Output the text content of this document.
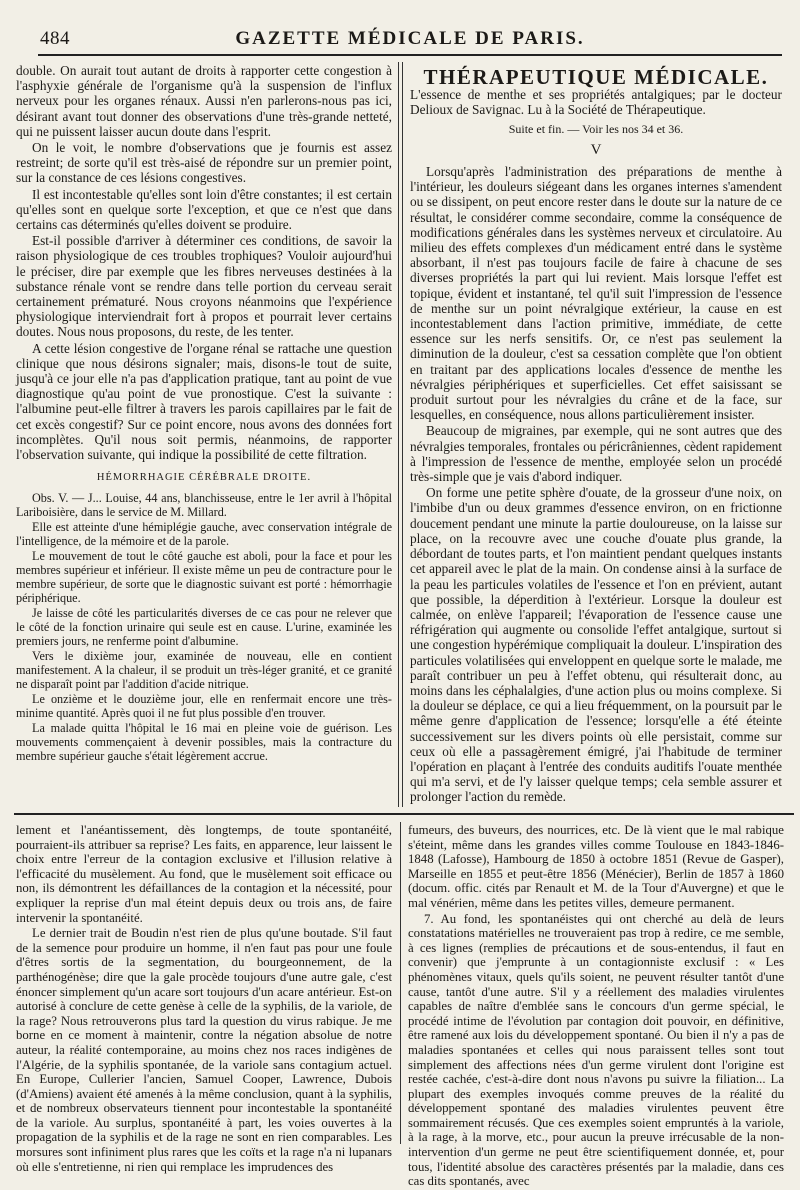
484	GAZETTE MÉDICALE DE PARIS.

double. On aurait tout autant de droits à rapporter cette congestion à l'asphyxie générale de l'organisme qu'à la suspension de l'influx nerveux pour les organes rénaux. Aussi n'en parlerons-nous pas ici, désirant avant tout donner des observations d'une très-grande netteté, qui ne puissent laisser aucun doute dans l'esprit.

On le voit, le nombre d'observations que je fournis est assez restreint; de sorte qu'il est très-aisé de répondre sur un premier point, sur la constance de ces lésions congestives.

Il est incontestable qu'elles sont loin d'être constantes; il est certain qu'elles sont en quelque sorte l'exception, et que ce n'est que dans certains cas déterminés qu'elles doivent se produire.

Est-il possible d'arriver à déterminer ces conditions, de savoir la raison physiologique de ces troubles trophiques? Vouloir aujourd'hui le préciser, dire par exemple que les fibres nerveuses destinées à la substance rénale vont se rendre dans telle portion du cerveau serait certainement prématuré. Nous croyons néanmoins que l'expérience physiologique interviendrait fort à propos et pourrait lever certains doutes. Nous nous proposons, du reste, de les tenter.

A cette lésion congestive de l'organe rénal se rattache une question clinique que nous désirons signaler; mais, disons-le tout de suite, jusqu'à ce jour elle n'a pas d'application pratique, tant au point de vue diagnostique qu'au point de vue pronostique. C'est la suivante : l'albumine peut-elle filtrer à travers les parois capillaires par le fait de cet excès congestif? Sur ce point encore, nous avons des données fort incomplètes. Qu'il nous soit permis, néanmoins, de rapporter l'observation suivante, qui indique la possibilité de cette filtration.

HÉMORRHAGIE CÉRÉBRALE DROITE.

Obs. V. — J... Louise, 44 ans, blanchisseuse, entre le 1er avril à l'hôpital Lariboisière, dans le service de M. Millard.

Elle est atteinte d'une hémiplégie gauche, avec conservation intégrale de l'intelligence, de la mémoire et de la parole.

Le mouvement de tout le côté gauche est aboli, pour la face et pour les membres supérieur et inférieur. Il existe même un peu de contracture pour le membre supérieur, de sorte que le diagnostic suivant est porté : hémorrhagie périphérique.

Je laisse de côté les particularités diverses de ce cas pour ne relever que le côté de la fonction urinaire qui seule est en cause. L'urine, examinée les premiers jours, ne renferme point d'albumine.

Vers le dixième jour, examinée de nouveau, elle en contient manifestement. A la chaleur, il se produit un très-léger granité, et ce granité ne disparaît point par l'addition d'acide nitrique.

Le onzième et le douzième jour, elle en renfermait encore une très-minime quantité. Après quoi il ne fut plus possible d'en trouver.

La malade quitta l'hôpital le 16 mai en pleine voie de guérison. Les mouvements commençaient à devenir possibles, mais la contracture du membre supérieur gauche s'était légèrement accrue.

THÉRAPEUTIQUE MÉDICALE.
L'essence de menthe et ses propriétés antalgiques; par le docteur Delioux de Savignac. Lu à la Société de Thérapeutique.
Suite et fin. — Voir les nos 34 et 36.
V

Lorsqu'après l'administration des préparations de menthe à l'intérieur, les douleurs siégeant dans les organes internes s'amendent ou se dissipent, on peut encore rester dans le doute sur la nature de ce résultat, le considérer comme secondaire, comme la conséquence de modifications générales dans les systèmes nerveux et circulatoire. Au milieu des effets complexes d'un médicament entré dans le système absorbant, il n'est pas toujours facile de faire à chacune de ses diverses propriétés la part qui lui revient. Mais lorsque l'effet est topique, évident et instantané, tel qu'il suit l'impression de l'essence de menthe sur un point névralgique extérieur, la cause en est incontestablement dans l'action primitive, immédiate, de cette essence sur les nerfs sensitifs. Or, ce n'est pas seulement la diminution de la douleur, c'est sa cessation complète que l'on obtient en traitant par des applications locales d'essence de menthe les névralgies périphériques et superficielles. Cet effet saisissant se produit surtout pour les névralgies du crâne et de la face, sur lesquelles, en conséquence, nous allons particulièrement insister.

Beaucoup de migraines, par exemple, qui ne sont autres que des névralgies temporales, frontales ou péricrâniennes, cèdent rapidement à l'impression de l'essence de menthe, employée selon un procédé très-simple que je vais d'abord indiquer.

On forme une petite sphère d'ouate, de la grosseur d'une noix, on l'imbibe d'un ou deux grammes d'essence environ, on en frictionne doucement pendant une minute la partie douloureuse, on la laisse sur place, on la recouvre avec une couche d'ouate plus grande, la débordant de toutes parts, et l'on maintient pendant quelques instants cet appareil avec le plat de la main. On condense ainsi à la surface de la peau les particules volatiles de l'essence et l'on en prévient, autant que possible, la déperdition à l'extérieur. Lorsque la douleur est calmée, on enlève l'appareil; l'évaporation de l'essence cause une réfrigération qui augmente ou consolide l'effet antalgique, surtout si une congestion hypérémique compliquait la douleur. L'inspiration des particules volatilisées qui enveloppent en quelque sorte le malade, me paraît contribuer un peu à l'effet obtenu, qui résulterait donc, au moins dans les céphalalgies, d'une action plus ou moins complexe. Si la douleur se déplace, ce qui a lieu fréquemment, on la poursuit par le même genre d'application de l'essence; lorsqu'elle a été éteinte successivement sur les divers points où elle persistait, comme sur ceux où elle a passagèrement émigré, j'ai l'habitude de terminer l'opération en plaçant à l'entrée des conduits auditifs l'ouate menthée qui m'a servi, et de l'y laisser quelque temps; cela semble assurer et prolonger l'action du remède.

lement et l'anéantissement, dès longtemps, de toute spontanéité, pourraient-ils attribuer sa reprise? Les faits, en apparence, leur laissent le choix entre l'erreur de la contagion exclusive et l'illusion relative à l'efficacité du musèlement. Au fond, que le musèlement soit efficace ou non, ils démontrent les défaillances de la contagion et la nécessité, pour expliquer la reprise d'un mal éteint depuis deux ou trois ans, de faire intervenir la spontanéité.

Le dernier trait de Boudin n'est rien de plus qu'une boutade. S'il faut de la semence pour produire un homme, il n'en faut pas pour une foule d'êtres sortis de la segmentation, du bourgeonnement, de la parthénogénèse; dire que la gale procède toujours d'une autre gale, c'est énoncer simplement qu'un acare sort toujours d'un acare antérieur. Est-on autorisé à conclure de cette genèse à celle de la syphilis, de la variole, de la rage? Nous retrouverons plus tard la question du virus rabique. Je me borne en ce moment à maintenir, contre la négation absolue de notre auteur, la réalité contemporaine, au moins chez nos races indigènes de l'Algérie, de la syphilis spontanée, de la variole sans contagium actuel. En Europe, Cullerier l'ancien, Samuel Cooper, Lawrence, Dubois (d'Amiens) avaient été amenés à la même conclusion, quant à la syphilis, et de nombreux observateurs tiennent pour incontestable la spontanéité de la variole. Au surplus, spontanéité à part, les voies ouvertes à la propagation de la syphilis et de la rage ne sont en rien comparables. Les morsures sont infiniment plus rares que les coïts et la rage n'a ni lupanars où elle s'entretienne, ni rien qui remplace les imprudences des

fumeurs, des buveurs, des nourrices, etc. De là vient que le mal rabique s'éteint, même dans les grandes villes comme Toulouse en 1843-1846-1848 (Lafosse), Hambourg de 1850 à octobre 1851 (Revue de Gasper), Marseille en 1855 et peut-être 1856 (Ménécier), Berlin de 1857 à 1860 (docum. offic. cités par Renault et M. de la Tour d'Auvergne) et que le mal vénérien, même dans les petites villes, demeure permanent.

7. Au fond, les spontanéistes qui ont cherché au delà de leurs constatations matérielles ne trouveraient pas trop à redire, ce me semble, à ces lignes (remplies de précautions et de sous-entendus, il faut en convenir) que j'emprunte à un contagionniste exclusif : « Les phénomènes vitaux, quels qu'ils soient, ne peuvent résulter tantôt d'une cause, tantôt d'une autre. S'il y a réellement des maladies virulentes capables de naître d'emblée sans le concours d'un germe spécial, le procédé intime de l'évolution par contagion doit pouvoir, en définitive, être ramené aux lois du développement spontané. Ou bien il n'y a pas de maladies spontanées et celles qui nous paraissent telles sont tout simplement des affections nées d'un germe virulent dont l'origine est restée cachée, c'est-à-dire dont nous n'avons pu suivre la filiation... La plupart des exemples invoqués comme preuves de la réalité du développement spontané des maladies virulentes peuvent être sommairement récusés. Que ces exemples soient empruntés à la variole, à la rage, à la morve, etc., pour aucun la preuve irrécusable de la non-intervention d'un germe ne peut être scientifiquement donnée, et, pour tous, l'identité absolue des caractères présentés par la maladie, dans ces cas dits spontanés, avec
